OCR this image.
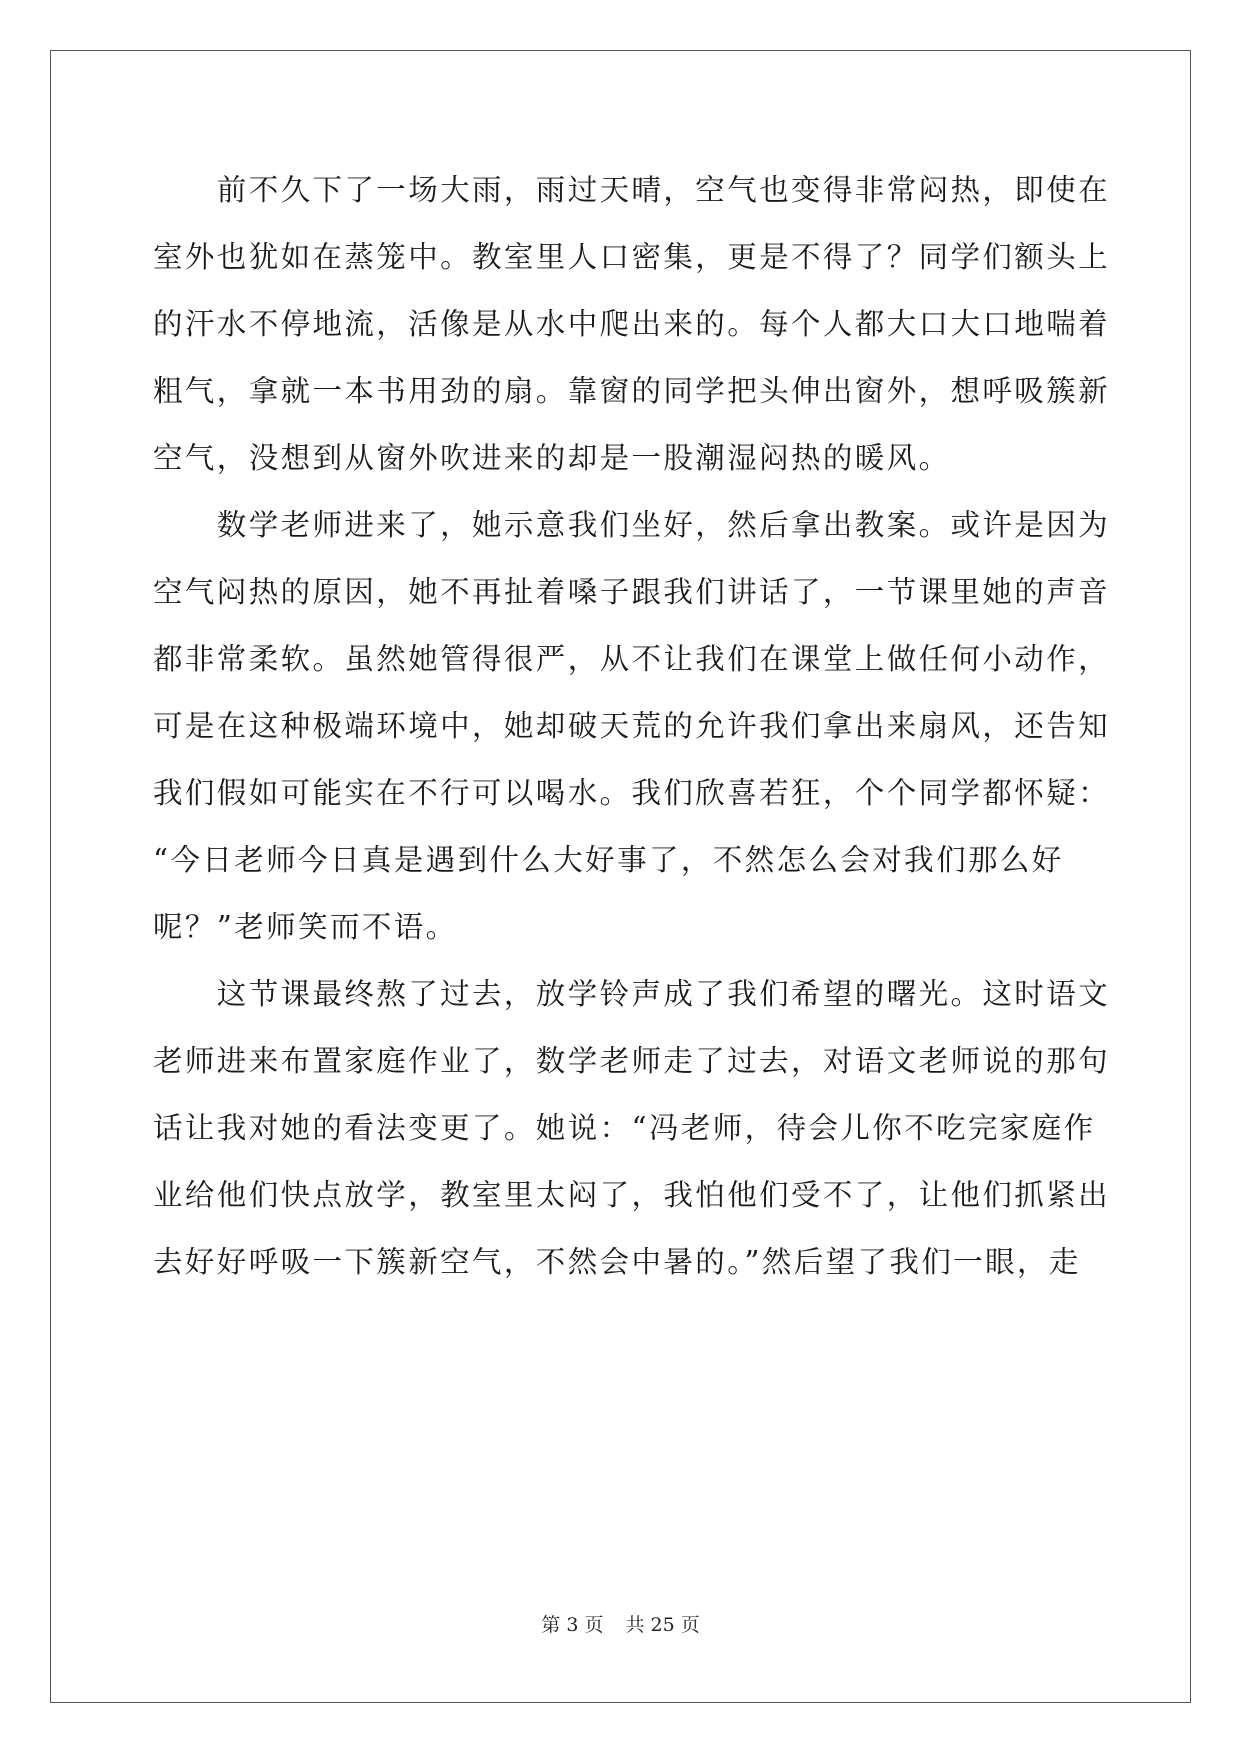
　　前不久下了一场大雨，雨过天晴，空气也变得非常闷热，即使在
室外也犹如在蒸笼中。教室里人口密集，更是不得了？同学们额头上
的汗水不停地流，活像是从水中爬出来的。每个人都大口大口地喘着
粗气，拿就一本书用劲的扇。靠窗的同学把头伸出窗外，想呼吸簇新
空气，没想到从窗外吹进来的却是一股潮湿闷热的暖风。
　　数学老师进来了，她示意我们坐好，然后拿出教案。或许是因为
空气闷热的原因，她不再扯着嗓子跟我们讲话了，一节课里她的声音
都非常柔软。虽然她管得很严，从不让我们在课堂上做任何小动作，
可是在这种极端环境中，她却破天荒的允许我们拿出来扇风，还告知
我们假如可能实在不行可以喝水。我们欣喜若狂，个个同学都怀疑：
“今日老师今日真是遇到什么大好事了，不然怎么会对我们那么好
呢？”老师笑而不语。
　　这节课最终熬了过去，放学铃声成了我们希望的曙光。这时语文
老师进来布置家庭作业了，数学老师走了过去，对语文老师说的那句
话让我对她的看法变更了。她说：“冯老师，待会儿你不吃完家庭作
业给他们快点放学，教室里太闷了，我怕他们受不了，让他们抓紧出
去好好呼吸一下簇新空气，不然会中暑的。”然后望了我们一眼，走
第 3 页 共 25 页
